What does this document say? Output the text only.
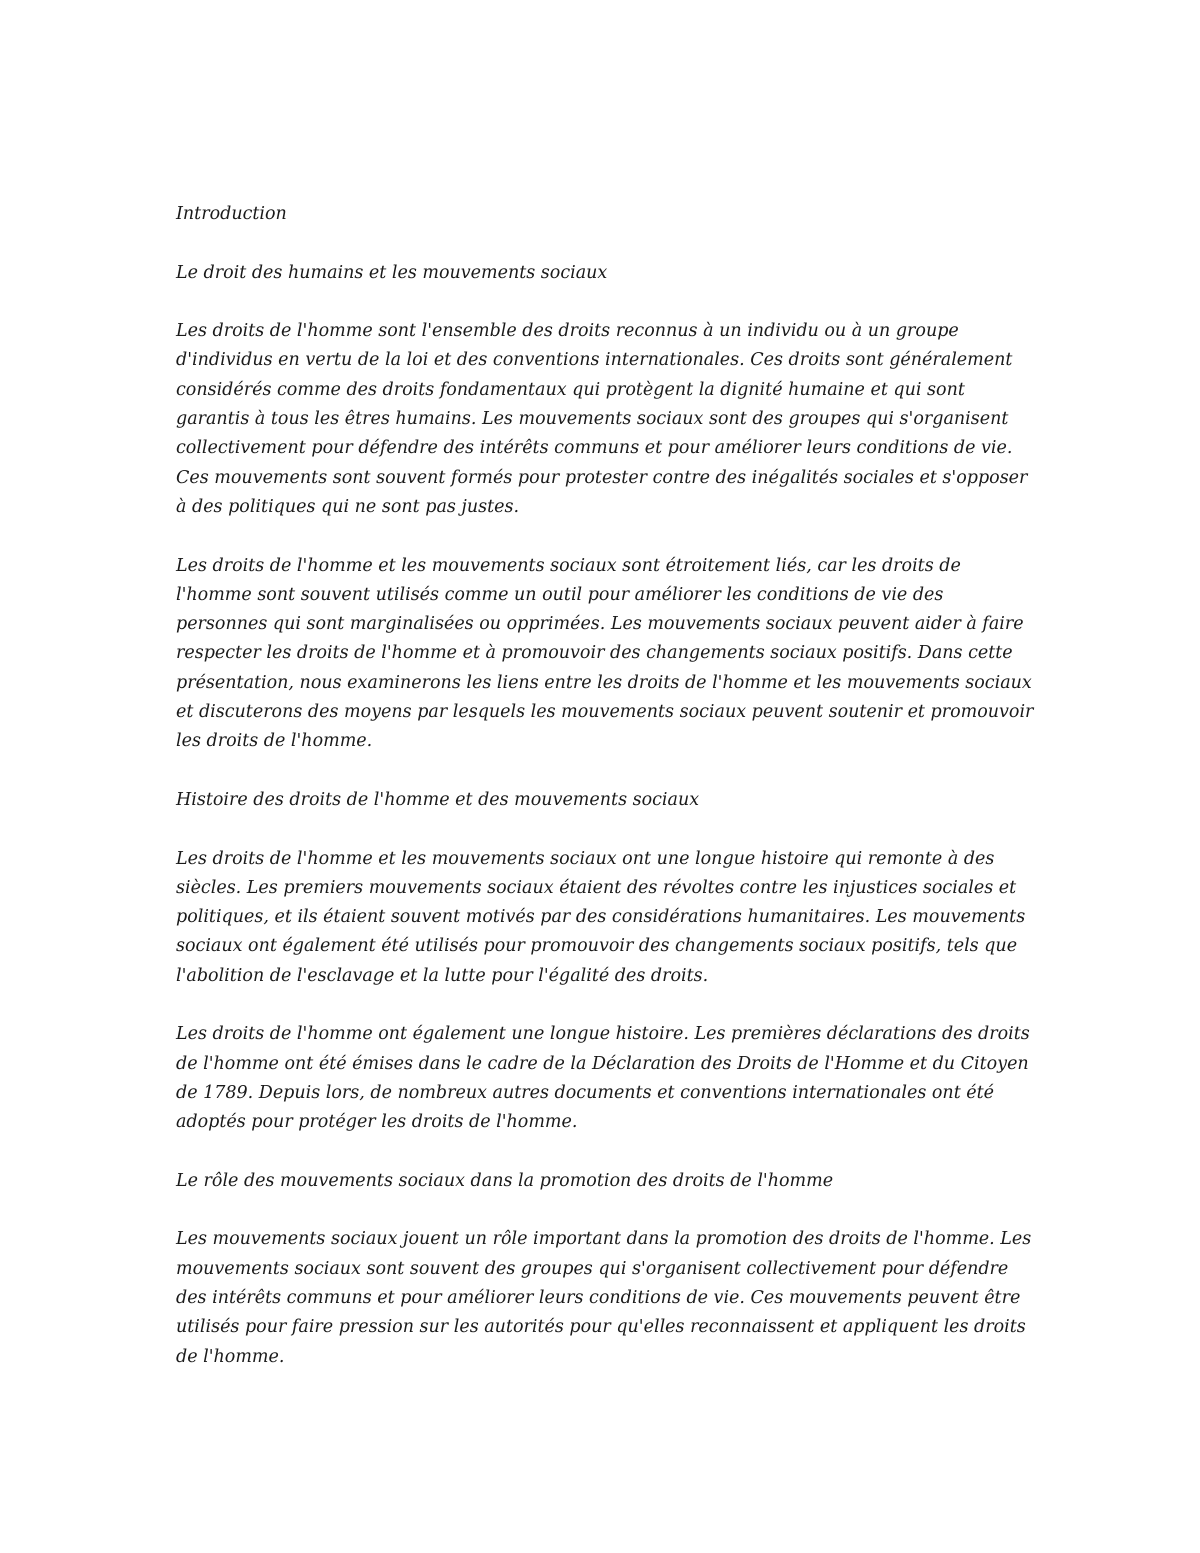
Introduction
Le droit des humains et les mouvements sociaux
Les droits de l'homme sont l'ensemble des droits reconnus à un individu ou à un groupe d'individus en vertu de la loi et des conventions internationales. Ces droits sont généralement considérés comme des droits fondamentaux qui protègent la dignité humaine et qui sont garantis à tous les êtres humains. Les mouvements sociaux sont des groupes qui s'organisent collectivement pour défendre des intérêts communs et pour améliorer leurs conditions de vie. Ces mouvements sont souvent formés pour protester contre des inégalités sociales et s'opposer à des politiques qui ne sont pas justes.
Les droits de l'homme et les mouvements sociaux sont étroitement liés, car les droits de l'homme sont souvent utilisés comme un outil pour améliorer les conditions de vie des personnes qui sont marginalisées ou opprimées. Les mouvements sociaux peuvent aider à faire respecter les droits de l'homme et à promouvoir des changements sociaux positifs. Dans cette présentation, nous examinerons les liens entre les droits de l'homme et les mouvements sociaux et discuterons des moyens par lesquels les mouvements sociaux peuvent soutenir et promouvoir les droits de l'homme.
Histoire des droits de l'homme et des mouvements sociaux
Les droits de l'homme et les mouvements sociaux ont une longue histoire qui remonte à des siècles. Les premiers mouvements sociaux étaient des révoltes contre les injustices sociales et politiques, et ils étaient souvent motivés par des considérations humanitaires. Les mouvements sociaux ont également été utilisés pour promouvoir des changements sociaux positifs, tels que l'abolition de l'esclavage et la lutte pour l'égalité des droits.
Les droits de l'homme ont également une longue histoire. Les premières déclarations des droits de l'homme ont été émises dans le cadre de la Déclaration des Droits de l'Homme et du Citoyen de 1789. Depuis lors, de nombreux autres documents et conventions internationales ont été adoptés pour protéger les droits de l'homme.
Le rôle des mouvements sociaux dans la promotion des droits de l'homme
Les mouvements sociaux jouent un rôle important dans la promotion des droits de l'homme. Les mouvements sociaux sont souvent des groupes qui s'organisent collectivement pour défendre des intérêts communs et pour améliorer leurs conditions de vie. Ces mouvements peuvent être utilisés pour faire pression sur les autorités pour qu'elles reconnaissent et appliquent les droits de l'homme.
